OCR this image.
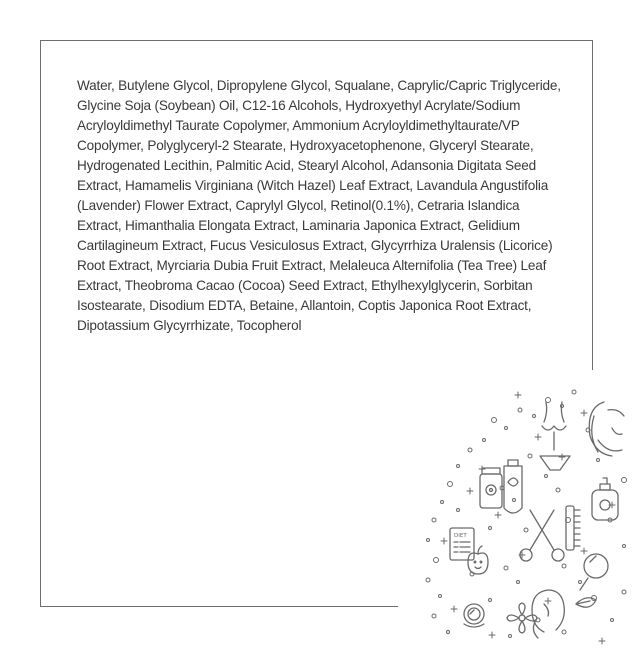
Water, Butylene Glycol, Dipropylene Glycol, Squalane, Caprylic/Capric Triglyceride, Glycine Soja (Soybean) Oil, C12-16 Alcohols, Hydroxyethyl Acrylate/Sodium Acryloyldimethyl Taurate Copolymer, Ammonium Acryloyldimethyltaurate/VP Copolymer, Polyglyceryl-2 Stearate, Hydroxyacetophenone, Glyceryl Stearate, Hydrogenated Lecithin, Palmitic Acid, Stearyl Alcohol, Adansonia Digitata Seed Extract, Hamamelis Virginiana (Witch Hazel) Leaf Extract, Lavandula Angustifolia (Lavender) Flower Extract, Caprylyl Glycol, Retinol(0.1%), Cetraria Islandica Extract, Himanthalia Elongata Extract, Laminaria Japonica Extract, Gelidium Cartilagineum Extract, Fucus Vesiculosus Extract, Glycyrrhiza Uralensis (Licorice) Root Extract, Myrciaria Dubia Fruit Extract, Melaleuca Alternifolia (Tea Tree) Leaf Extract, Theobroma Cacao (Cocoa) Seed Extract, Ethylhexylglycerin, Sorbitan Isostearate, Disodium EDTA, Betaine, Allantoin, Coptis Japonica Root Extract, Dipotassium Glycyrrhizate, Tocopherol

DIET
